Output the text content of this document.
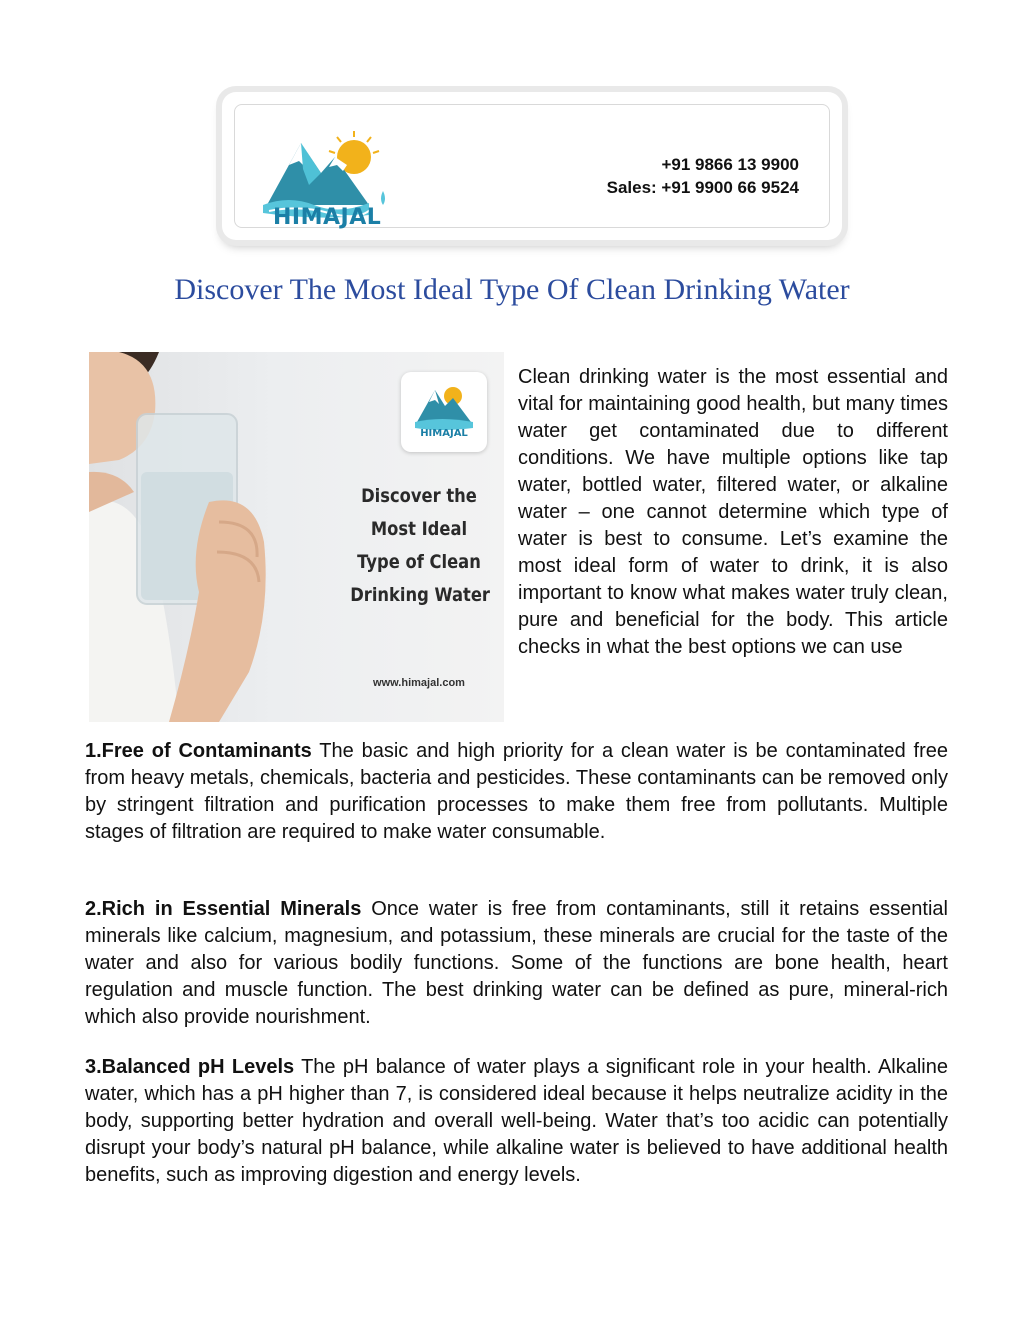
HIMAJAL
+91 9866 13 9900
Sales: +91 9900 66 9524
Discover The Most Ideal Type Of Clean Drinking Water
HIMAJAL
Discover the
Most Ideal
Type of Clean
Drinking Water
www.himajal.com

Clean drinking water is the most essential and vital for maintaining good health, but many times water get contaminated due to different conditions. We have multiple options like tap water, bottled water, filtered water, or alkaline water – one cannot determine which type of water is best to consume. Let’s examine the most ideal form of water to drink, it is also important to know what makes water truly clean, pure and beneficial for the body. This article checks in what the best options we can use

1.Free of Contaminants The basic and high priority for a clean water is be contaminated free from heavy metals, chemicals, bacteria and pesticides. These contaminants can be removed only by stringent filtration and purification processes to make them free from pollutants. Multiple stages of filtration are required to make water consumable.

2.Rich in Essential Minerals Once water is free from contaminants, still it retains essential minerals like calcium, magnesium, and potassium, these minerals are crucial for the taste of the water and also for various bodily functions. Some of the functions are bone health, heart regulation and muscle function. The best drinking water can be defined as pure, mineral-rich which also provide nourishment.

3.Balanced pH Levels The pH balance of water plays a significant role in your health. Alkaline water, which has a pH higher than 7, is considered ideal because it helps neutralize acidity in the body, supporting better hydration and overall well-being. Water that’s too acidic can potentially disrupt your body’s natural pH balance, while alkaline water is believed to have additional health benefits, such as improving digestion and energy levels.
